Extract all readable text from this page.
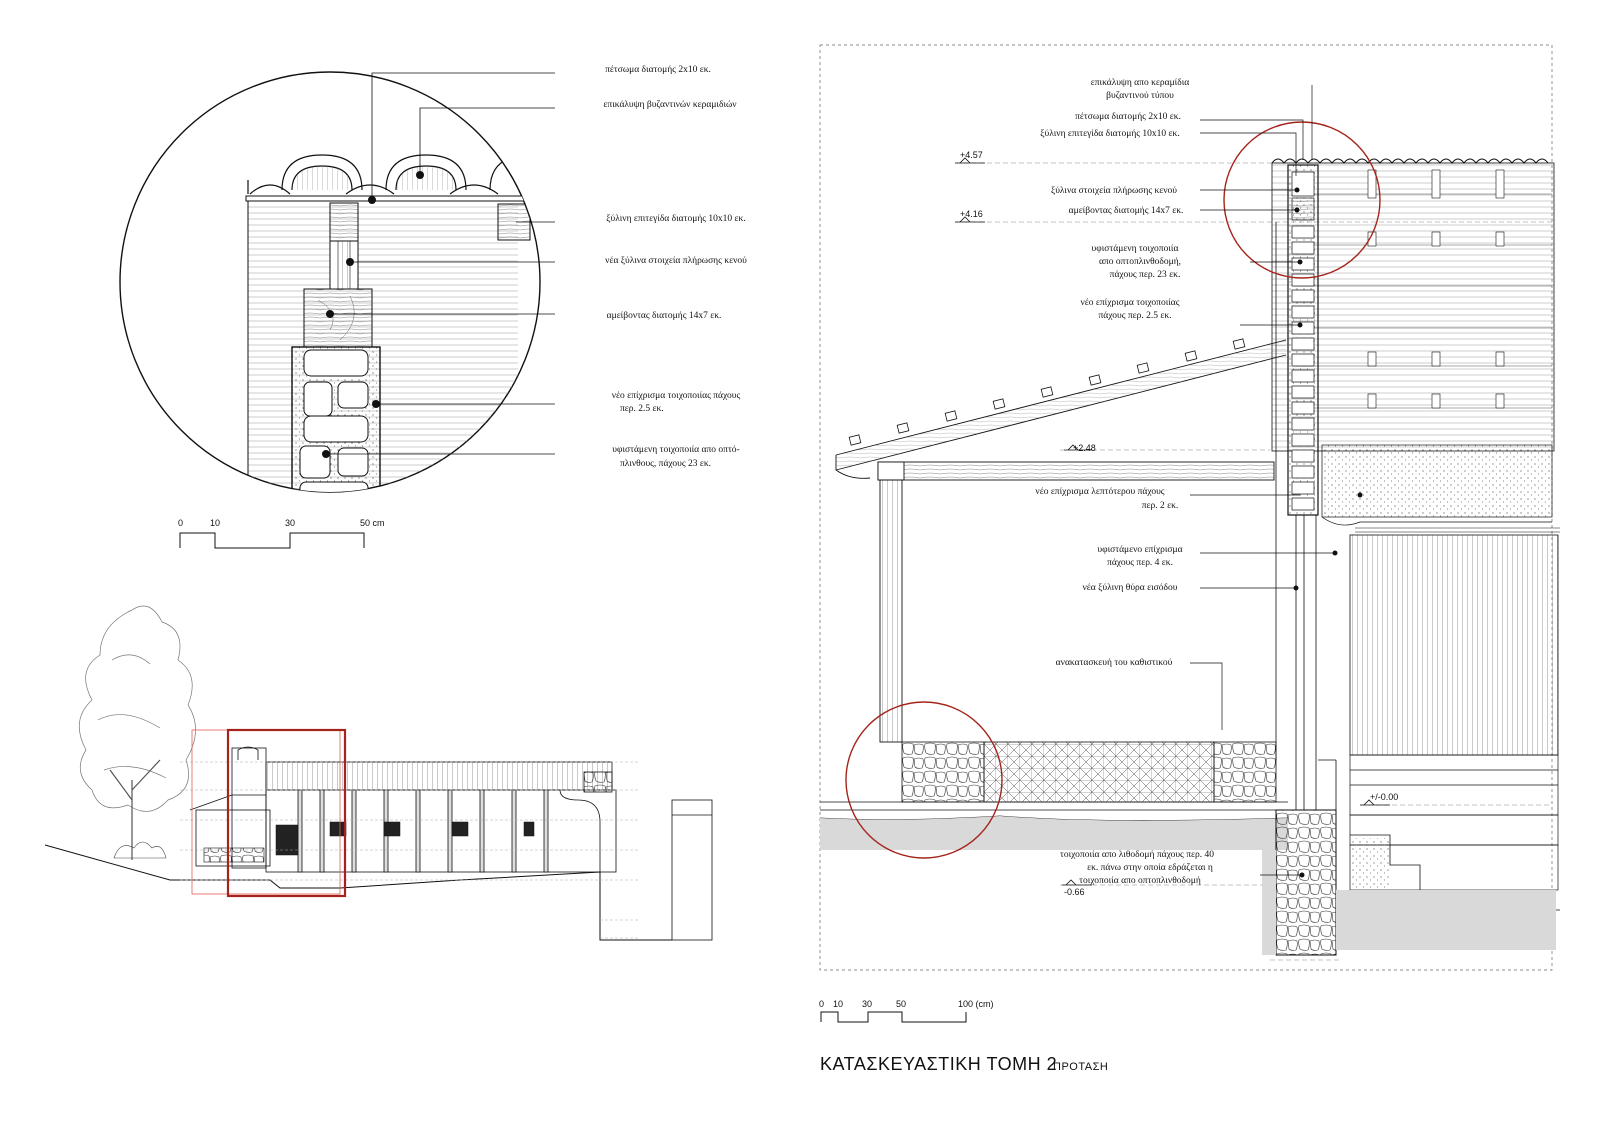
πέτσωμα διατομής 2x10 εκ.
επικάλυψη βυζαντινών κεραμιδιών
ξύλινη επιτεγίδα διατομής 10x10 εκ.
νέα ξύλινα στοιχεία πλήρωσης κενού
αμείβοντας διατομής 14x7 εκ.
νέο επίχρισμα τοιχοποιίας πάχους
περ. 2.5 εκ.
υφιστάμενη τοιχοποιία απο οπτό-
πλινθους, πάχους 23 εκ.
0	10	30	50 cm
+4.57
+4.16
+2.48
+/-0.00
-0.66
επικάλυψη απο κεραμίδια
βυζαντινού τύπου
πέτσωμα διατομής 2x10 εκ.
ξύλινη επιτεγίδα διατομής 10x10 εκ.
ξύλινα στοιχεία πλήρωσης κενού
αμείβοντας διατομής 14x7 εκ.
υφιστάμενη τοιχοποιία
απο οπτοπλινθοδομή,
πάχους περ. 23 εκ.
νέο επίχρισμα τοιχοποιίας
πάχους περ. 2.5 εκ.
νέο επίχρισμα λεπτότερου πάχους
περ. 2 εκ.
υφιστάμενο επίχρισμα
πάχους περ. 4 εκ.
νέα ξύλινη θύρα εισόδου
ανακατασκευή του καθιστικού
τοιχοποιία απο λιθοδομή πάχους περ. 40
εκ. πάνω στην οποία εδράζεται η
τοιχοποιία απο οπτοπλινθοδομή
0 10 30	50	100 (cm)
ΚΑΤΑΣΚΕΥΑΣΤΙΚΗ ΤΟΜΗ 2
ΠΡΟΤΑΣΗ
